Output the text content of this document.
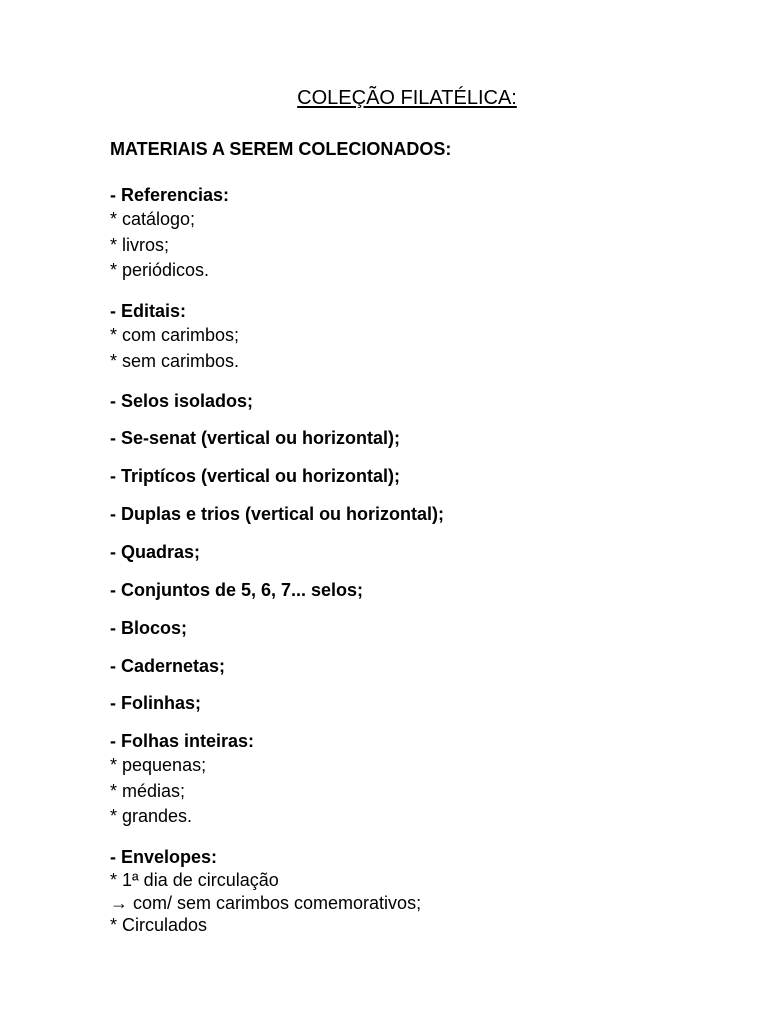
COLEÇÃO FILATÉLICA:
MATERIAIS A SEREM COLECIONADOS:

- Referencias:

* catálogo;

* livros;

* periódicos.

- Editais:

* com carimbos;

* sem carimbos.

- Selos isolados;

- Se-senat (vertical ou horizontal);

- Triptícos (vertical ou horizontal);

- Duplas e trios (vertical ou horizontal);

- Quadras;

- Conjuntos de 5, 6, 7... selos;

- Blocos;

- Cadernetas;

- Folinhas;

- Folhas inteiras:

* pequenas;

* médias;

* grandes.

- Envelopes:

* 1ª dia de circulação

→ com/ sem carimbos comemorativos;

* Circulados
